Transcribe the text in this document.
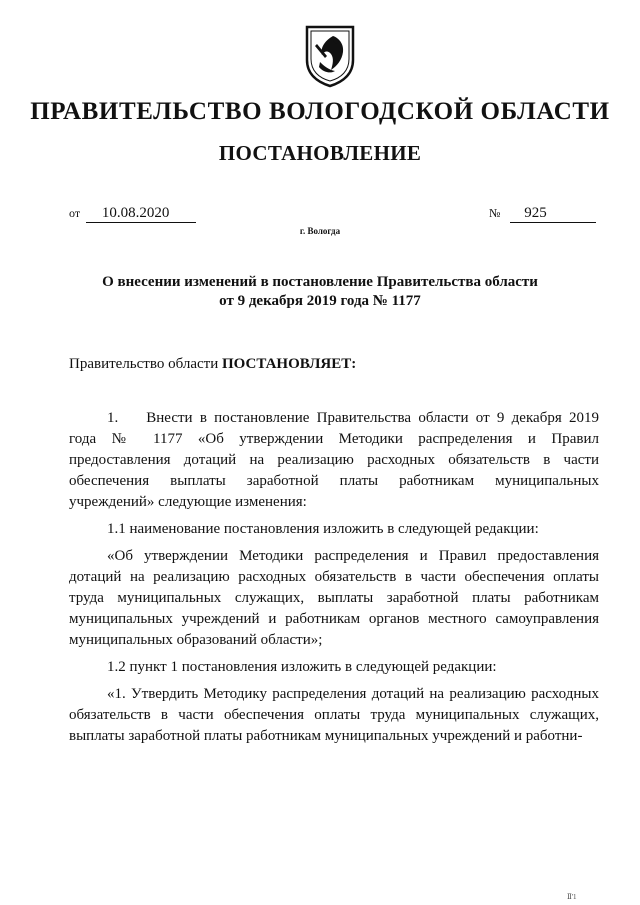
ПРАВИТЕЛЬСТВО ВОЛОГОДСКОЙ ОБЛАСТИ
ПОСТАНОВЛЕНИЕ
от 10.08.2020	№ 925
г. Вологда
О внесении изменений в постановление Правительства области
от 9 декабря 2019 года № 1177
Правительство области ПОСТАНОВЛЯЕТ:

1. Внести в постановление Правительства области от 9 декабря 2019 года № 1177 «Об утверждении Методики распределения и Правил предоставления дотаций на реализацию расходных обязательств в части обеспечения выплаты заработной платы работникам муниципальных учреждений» следующие изменения:

1.1 наименование постановления изложить в следующей редакции:

«Об утверждении Методики распределения и Правил предоставления дотаций на реализацию расходных обязательств в части обеспечения оплаты труда муниципальных служащих, выплаты заработной платы работникам муниципальных учреждений и работникам органов местного самоуправления муниципальных образований области»;

1.2 пункт 1 постановления изложить в следующей редакции:

«1. Утвердить Методику распределения дотаций на реализацию расходных обязательств в части обеспечения оплаты труда муниципальных служащих, выплаты заработной платы работникам муниципальных учреждений и работни-

Ⅱ'1
